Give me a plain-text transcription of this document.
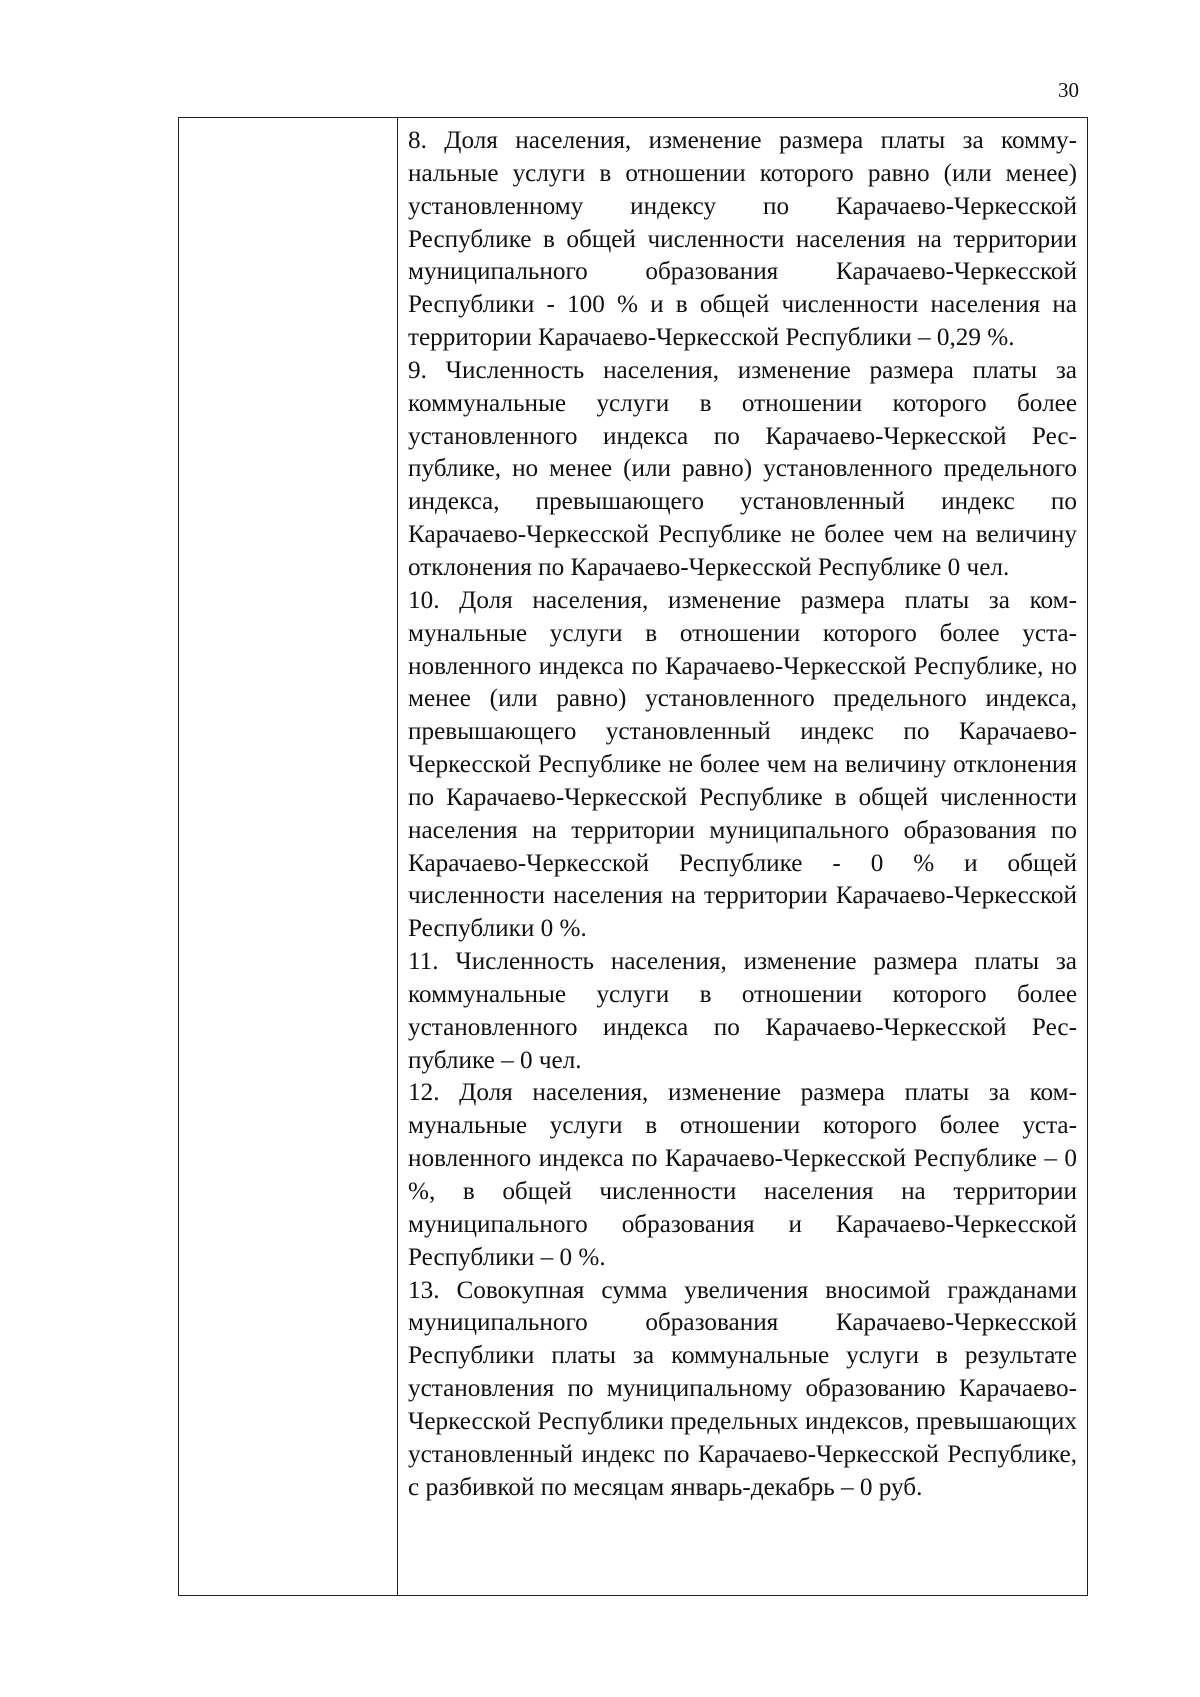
30

8. Доля населения, изменение размера платы за коммунальные услуги в отношении которого равно (или менее) установленному индексу по Карачаево-Черкесской Республике в общей численности населения на территории муниципального образования Карачаево-Черкесской Республики - 100 % и в общей численности населения на территории Карачаево-Черкесской Республики – 0,29 %.

9. Численность населения, изменение размера платы за коммунальные услуги в отношении которого более установленного индекса по Карачаево-Черкесской Республике, но менее (или равно) установленного предельного индекса, превышающего установленный индекс по Карачаево-Черкесской Республике не более чем на величину отклонения по Карачаево-Черкесской Республике 0 чел.

10. Доля населения, изменение размера платы за коммунальные услуги в отношении которого более установленного индекса по Карачаево-Черкесской Республике, но менее (или равно) установленного предельного индекса, превышающего установленный индекс по Карачаево-Черкесской Республике не более чем на величину отклонения по Карачаево-Черкесской Республике в общей численности населения на территории муниципального образования по Карачаево-Черкесской Республике - 0 % и общей численности населения на территории Карачаево-Черкесской Республики 0 %.

11. Численность населения, изменение размера платы за коммунальные услуги в отношении которого более установленного индекса по Карачаево-Черкесской Республике – 0 чел.

12. Доля населения, изменение размера платы за коммунальные услуги в отношении которого более установленного индекса по Карачаево-Черкесской Республике – 0 %, в общей численности населения на территории муниципального образования и Карачаево-Черкесской Республики – 0 %.

13. Совокупная сумма увеличения вносимой гражданами муниципального образования Карачаево-Черкесской Республики платы за коммунальные услуги в результате установления по муниципальному образованию Карачаево-Черкесской Республики предельных индексов, превышающих установленный индекс по Карачаево-Черкесской Республике, с разбивкой по месяцам январь-декабрь – 0 руб.
